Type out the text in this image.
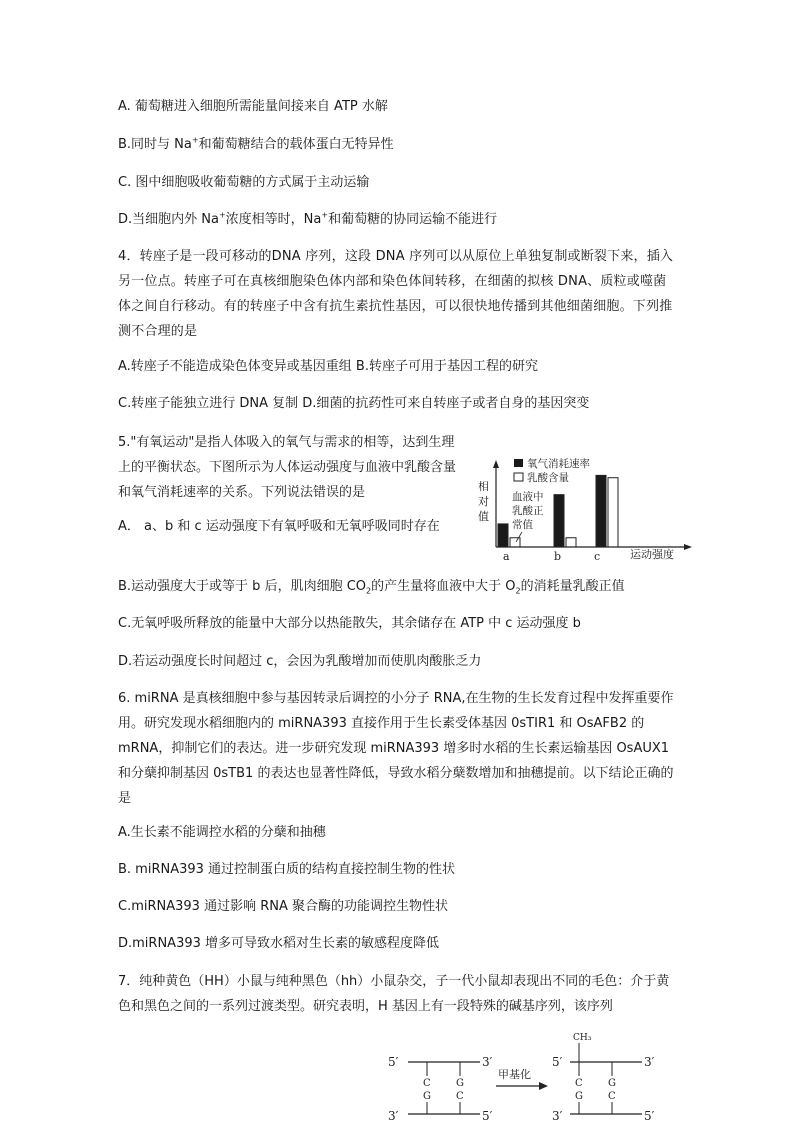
A. 葡萄糖进入细胞所需能量间接来自 ATP 水解
B.同时与 Na+和葡萄糖结合的载体蛋白无特异性
C. 图中细胞吸收葡萄糖的方式属于主动运输
D.当细胞内外 Na+浓度相等时，Na+和葡萄糖的协同运输不能进行
4．转座子是一段可移动的DNA 序列，这段 DNA 序列可以从原位上单独复制或断裂下来，插入另一位点。转座子可在真核细胞染色体内部和染色体间转移，在细菌的拟核 DNA、质粒或噬菌体之间自行移动。有的转座子中含有抗生素抗性基因，可以很快地传播到其他细菌细胞。下列推测不合理的是
A.转座子不能造成染色体变异或基因重组 B.转座子可用于基因工程的研究
C.转座子能独立进行 DNA 复制 D.细菌的抗药性可来自转座子或者自身的基因突变
5."有氧运动"是指人体吸入的氧气与需求的相等，达到生理上的平衡状态。下图所示为人体运动强度与血液中乳酸含量和氧气消耗速率的关系。下列说法错误的是
A． a、b 和 c 运动强度下有氧呼吸和无氧呼吸同时存在
相
对
值
氧气消耗速率
乳酸含量
血液中
乳酸正
常值
a	b	c	运动强度
B.运动强度大于或等于 b 后，肌肉细胞 $CO_2$的产生量将血液中大于 $O_2$的消耗量乳酸正值
C.无氧呼吸所释放的能量中大部分以热能散失，其余储存在 ATP 中 c 运动强度 b
D.若运动强度长时间超过 c，会因为乳酸增加而使肌肉酸胀乏力
6. miRNA 是真核细胞中参与基因转录后调控的小分子 RNA,在生物的生长发育过程中发挥重要作用。研究发现水稻细胞内的 miRNA393 直接作用于生长素受体基因 0sTIR1 和 OsAFB2 的 mRNA，抑制它们的表达。进一步研究发现 miRNA393 增多时水稻的生长素运输基因 OsAUX1 和分蘖抑制基因 0sTB1 的表达也显著性降低，导致水稻分蘖数增加和抽穗提前。以下结论正确的是
A.生长素不能调控水稻的分蘖和抽穗
B. miRNA393 通过控制蛋白质的结构直接控制生物的性状
C.miRNA393 通过影响 RNA 聚合酶的功能调控生物性状
D.miRNA393 增多可导致水稻对生长素的敏感程度降低
7．纯种黄色（HH）小鼠与纯种黑色（hh）小鼠杂交，子一代小鼠却表现出不同的毛色：介于黄色和黑色之间的一系列过渡类型。研究表明，H 基因上有一段特殊的碱基序列，该序列
5′	3′
C
G
G
C
3′	5′
甲基化
CH₃
5′	3′
C
G
G
C
3′	5′
